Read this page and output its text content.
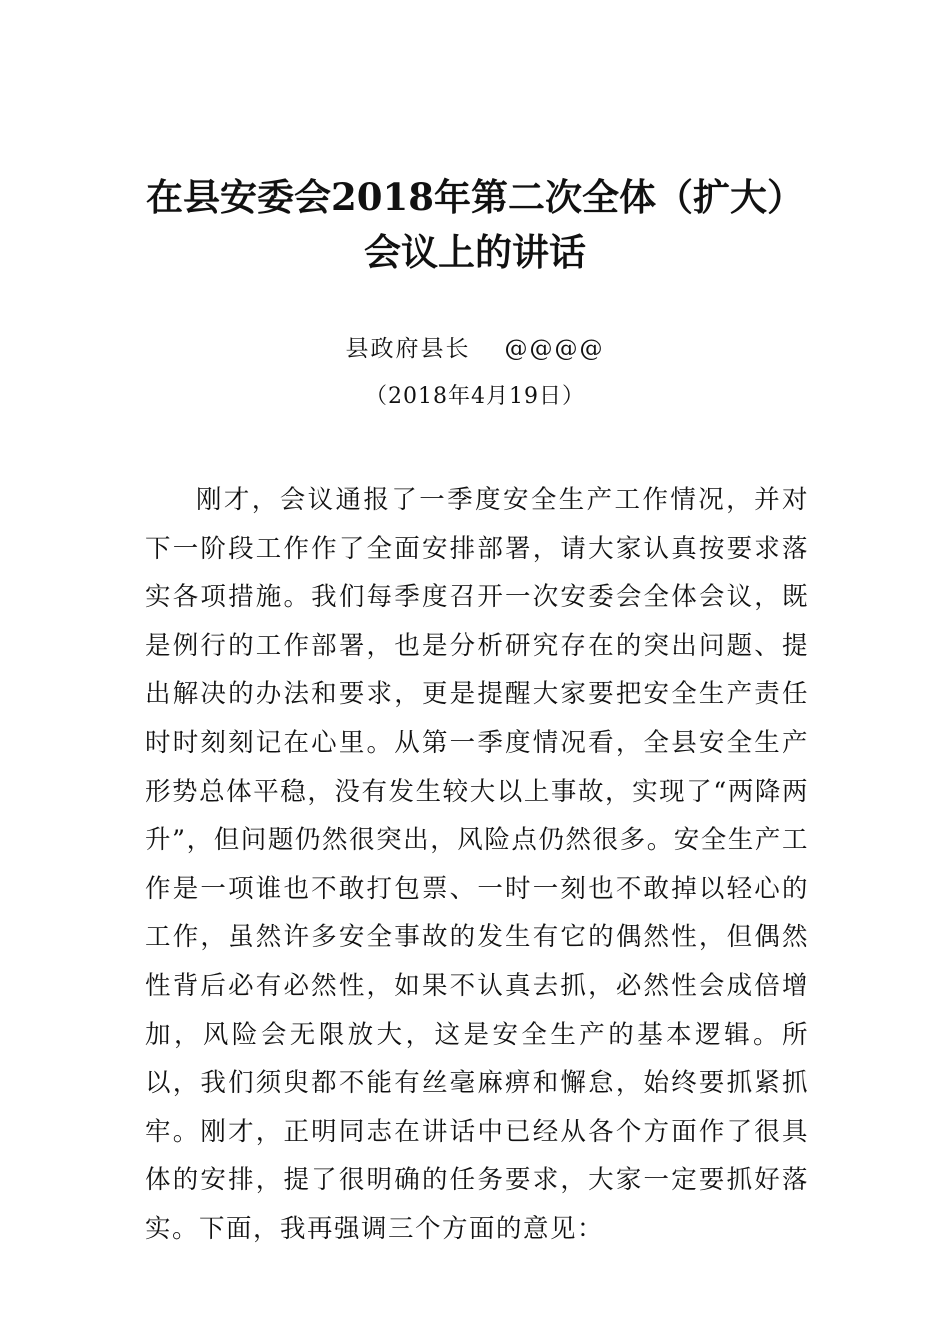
在县安委会2018年第二次全体（扩大）会议上的讲话
县政府县长 @@@@
（2018年4月19日）

刚才，会议通报了一季度安全生产工作情况，并对下一阶段工作作了全面安排部署，请大家认真按要求落实各项措施。我们每季度召开一次安委会全体会议，既是例行的工作部署，也是分析研究存在的突出问题、提出解决的办法和要求，更是提醒大家要把安全生产责任时时刻刻记在心里。从第一季度情况看，全县安全生产形势总体平稳，没有发生较大以上事故，实现了“两降两升”，但问题仍然很突出，风险点仍然很多。安全生产工作是一项谁也不敢打包票、一时一刻也不敢掉以轻心的工作，虽然许多安全事故的发生有它的偶然性，但偶然性背后必有必然性，如果不认真去抓，必然性会成倍增加，风险会无限放大，这是安全生产的基本逻辑。所以，我们须臾都不能有丝毫麻痹和懈怠，始终要抓紧抓牢。刚才，正明同志在讲话中已经从各个方面作了很具体的安排，提了很明确的任务要求，大家一定要抓好落实。下面，我再强调三个方面的意见：
